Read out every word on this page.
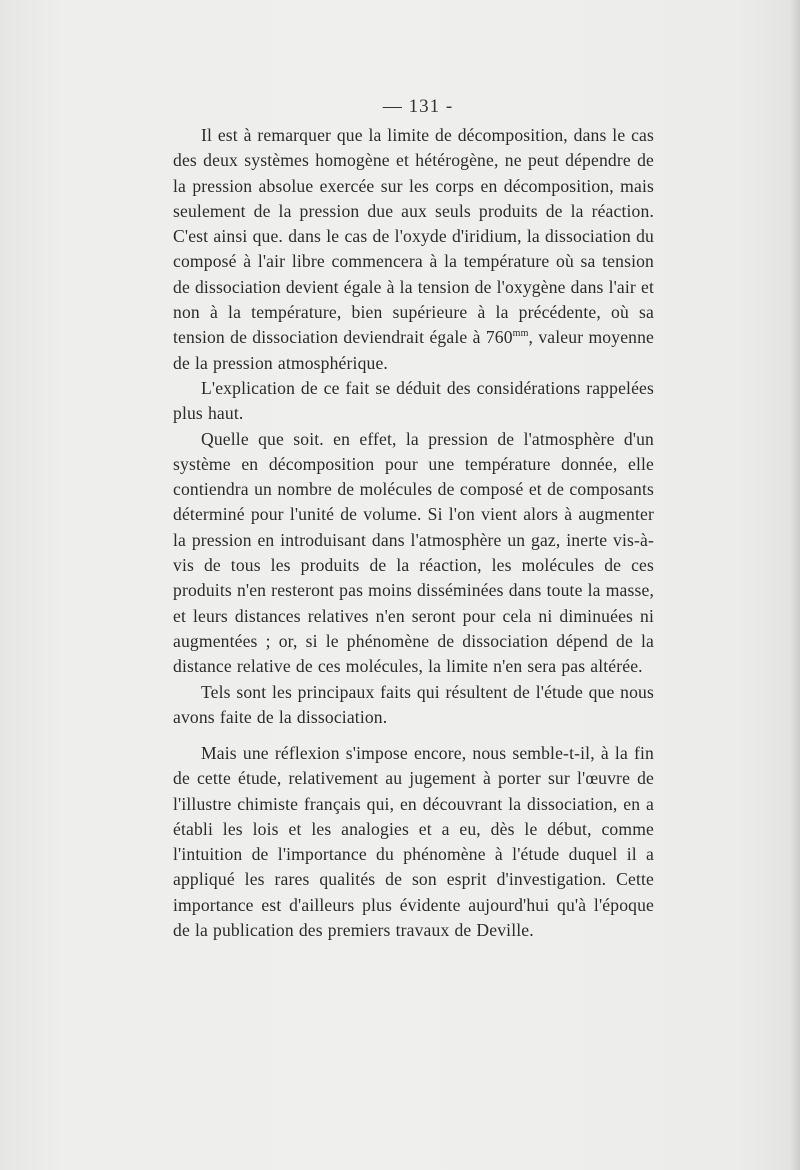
— 131 -

Il est à remarquer que la limite de décomposition, dans le cas des deux systèmes homogène et hétérogène, ne peut dépendre de la pression absolue exercée sur les corps en décomposition, mais seulement de la pression due aux seuls produits de la réaction. C'est ainsi que. dans le cas de l'oxyde d'iridium, la dissociation du composé à l'air libre commencera à la température où sa tension de dissociation devient égale à la tension de l'oxygène dans l'air et non à la température, bien supérieure à la précédente, où sa tension de dissociation deviendrait égale à $760^{mm}$, valeur moyenne de la pression atmosphérique.

L'explication de ce fait se déduit des considérations rappelées plus haut.

Quelle que soit. en effet, la pression de l'atmosphère d'un système en décomposition pour une température donnée, elle contiendra un nombre de molécules de composé et de composants déterminé pour l'unité de volume. Si l'on vient alors à augmenter la pression en introduisant dans l'atmosphère un gaz, inerte vis-à-vis de tous les produits de la réaction, les molécules de ces produits n'en resteront pas moins disséminées dans toute la masse, et leurs distances relatives n'en seront pour cela ni diminuées ni augmentées ; or, si le phénomène de dissociation dépend de la distance relative de ces molécules, la limite n'en sera pas altérée.

Tels sont les principaux faits qui résultent de l'étude que nous avons faite de la dissociation.

Mais une réflexion s'impose encore, nous semble-t-il, à la fin de cette étude, relativement au jugement à porter sur l'œuvre de l'illustre chimiste français qui, en découvrant la dissociation, en a établi les lois et les analogies et a eu, dès le début, comme l'intuition de l'importance du phénomène à l'étude duquel il a appliqué les rares qualités de son esprit d'investigation. Cette importance est d'ailleurs plus évidente aujourd'hui qu'à l'époque de la publication des premiers travaux de Deville.
